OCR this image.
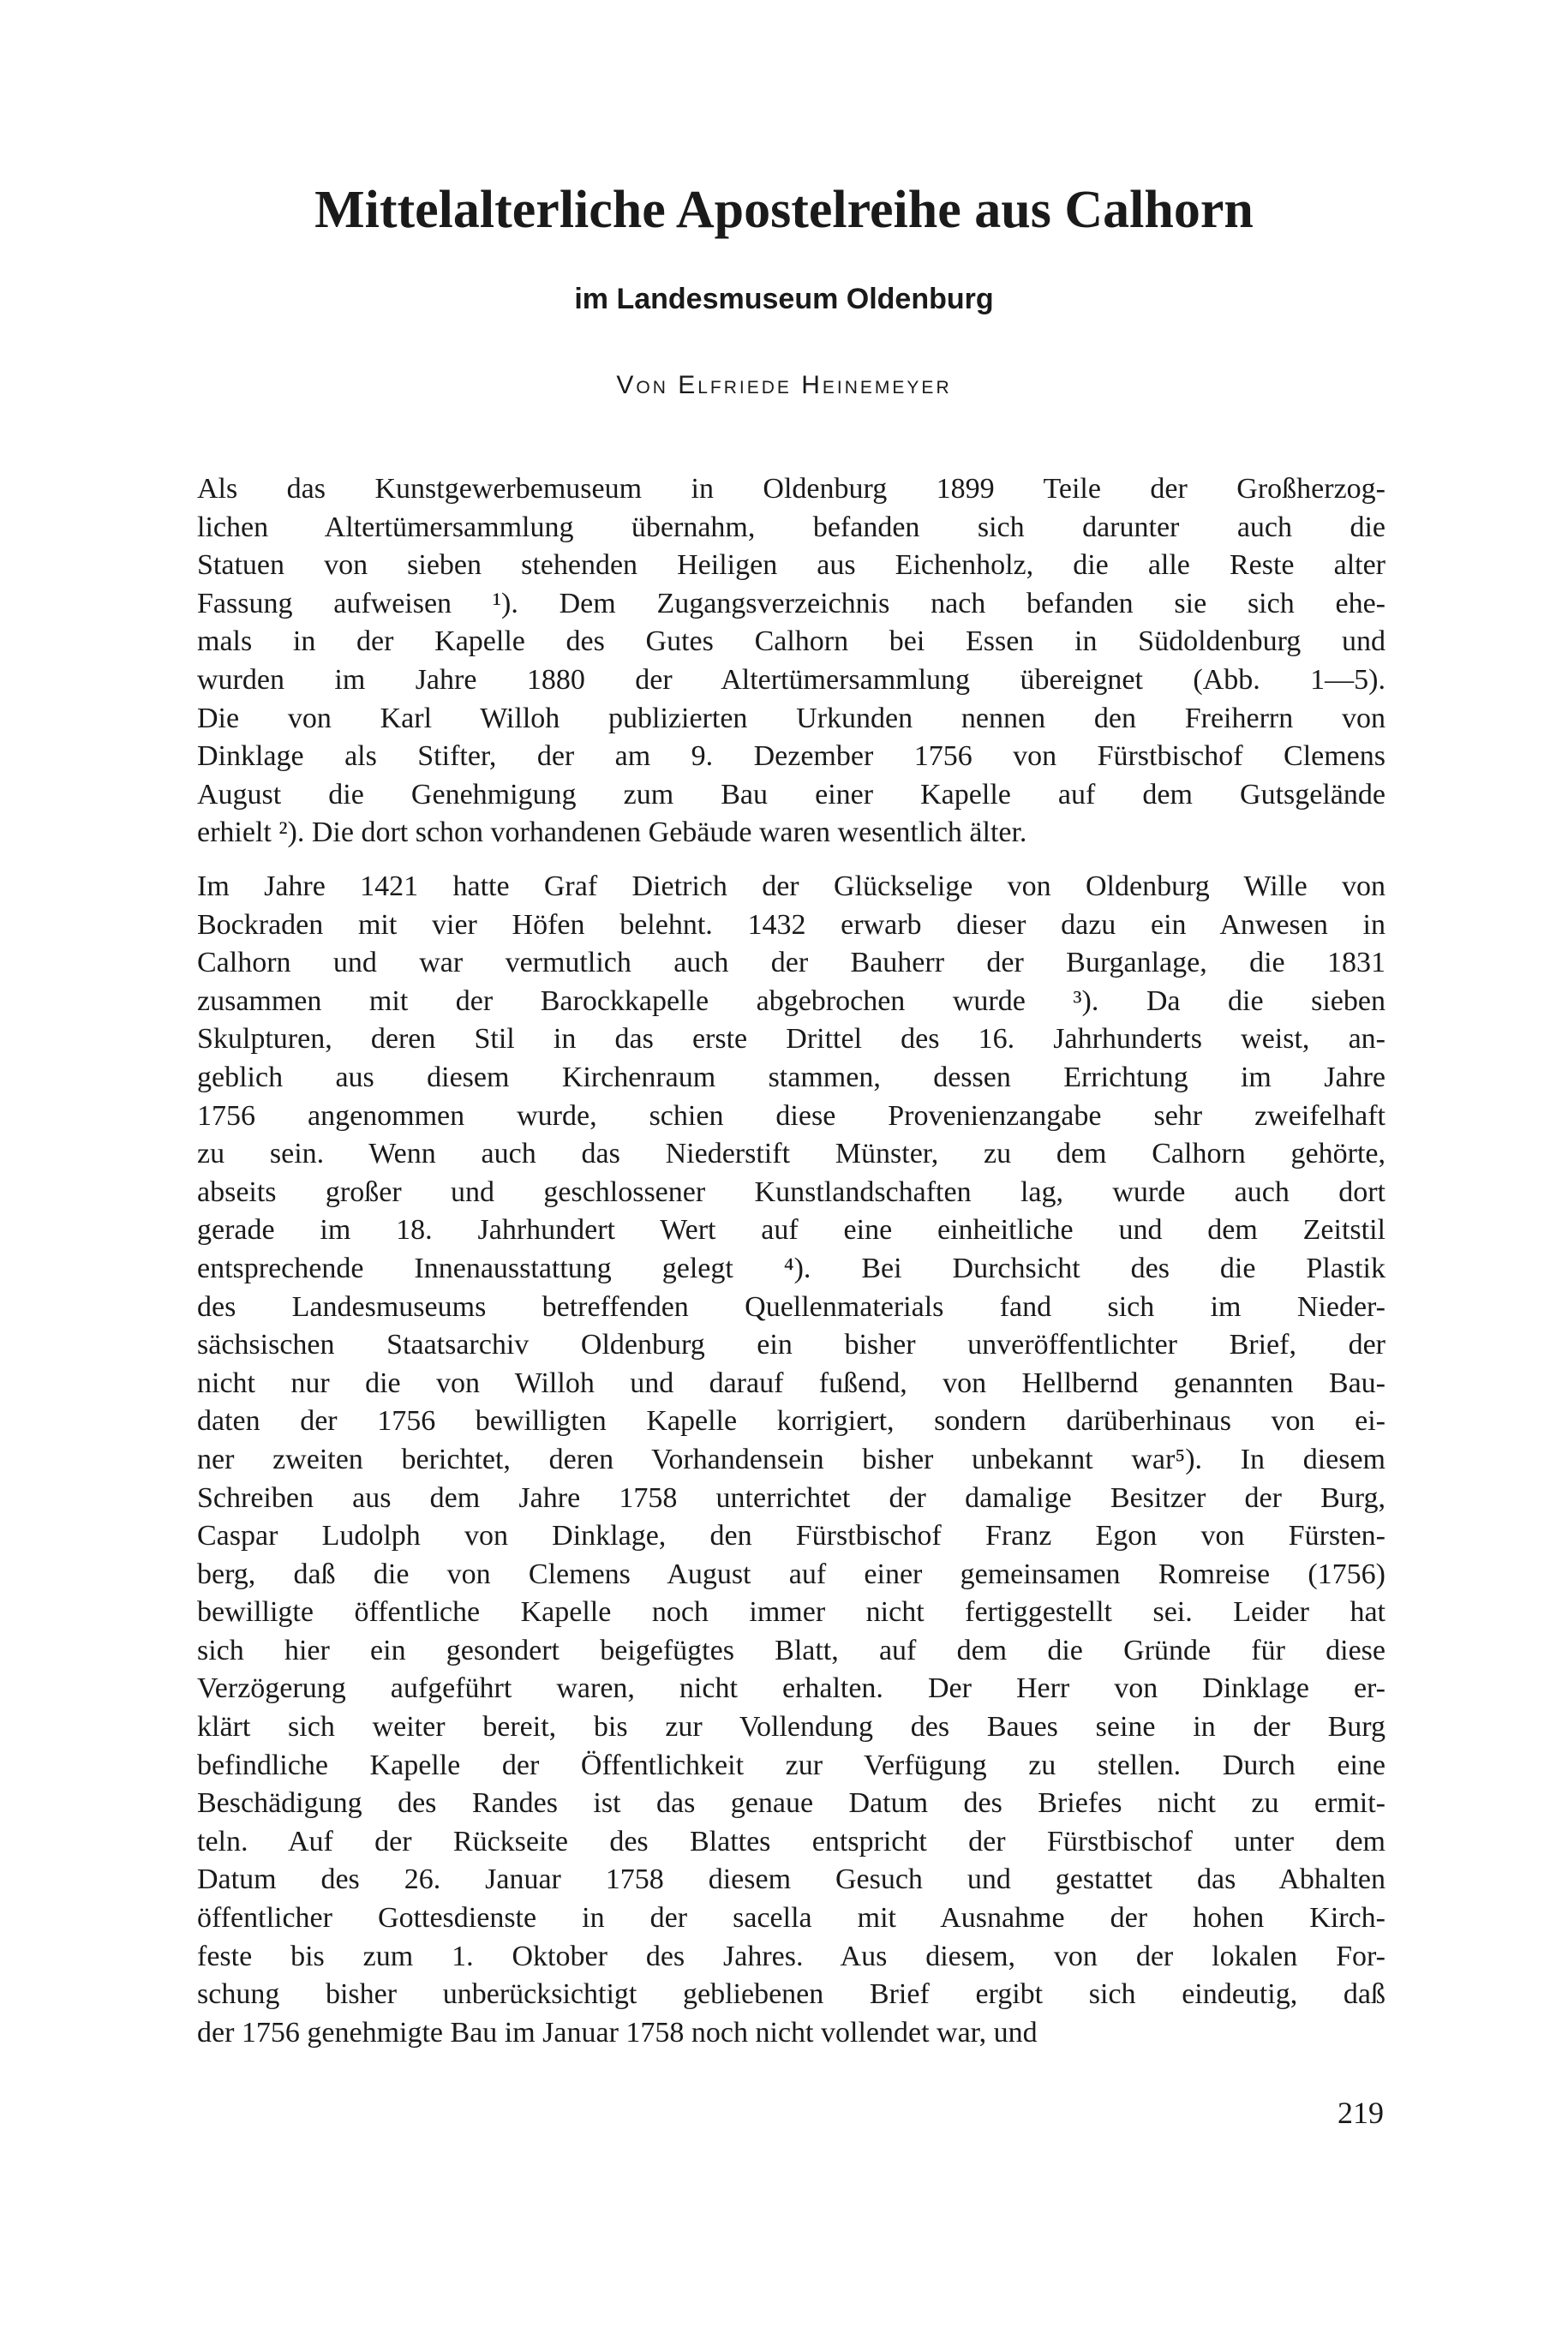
Mittelalterliche Apostelreihe aus Calhorn
im Landesmuseum Oldenburg
Von Elfriede Heinemeyer

Als das Kunstgewerbemuseum in Oldenburg 1899 Teile der Großherzog-
lichen Altertümersammlung übernahm, befanden sich darunter auch die
Statuen von sieben stehenden Heiligen aus Eichenholz, die alle Reste alter
Fassung aufweisen ¹). Dem Zugangsverzeichnis nach befanden sie sich ehe-
mals in der Kapelle des Gutes Calhorn bei Essen in Südoldenburg und
wurden im Jahre 1880 der Altertümersammlung übereignet (Abb. 1—5).
Die von Karl Willoh publizierten Urkunden nennen den Freiherrn von
Dinklage als Stifter, der am 9. Dezember 1756 von Fürstbischof Clemens
August die Genehmigung zum Bau einer Kapelle auf dem Gutsgelände
erhielt ²). Die dort schon vorhandenen Gebäude waren wesentlich älter.

Im Jahre 1421 hatte Graf Dietrich der Glückselige von Oldenburg Wille von
Bockraden mit vier Höfen belehnt. 1432 erwarb dieser dazu ein Anwesen in
Calhorn und war vermutlich auch der Bauherr der Burganlage, die 1831
zusammen mit der Barockkapelle abgebrochen wurde ³). Da die sieben
Skulpturen, deren Stil in das erste Drittel des 16. Jahrhunderts weist, an-
geblich aus diesem Kirchenraum stammen, dessen Errichtung im Jahre
1756 angenommen wurde, schien diese Provenienzangabe sehr zweifelhaft
zu sein. Wenn auch das Niederstift Münster, zu dem Calhorn gehörte,
abseits großer und geschlossener Kunstlandschaften lag, wurde auch dort
gerade im 18. Jahrhundert Wert auf eine einheitliche und dem Zeitstil
entsprechende Innenausstattung gelegt ⁴). Bei Durchsicht des die Plastik
des Landesmuseums betreffenden Quellenmaterials fand sich im Nieder-
sächsischen Staatsarchiv Oldenburg ein bisher unveröffentlichter Brief, der
nicht nur die von Willoh und darauf fußend, von Hellbernd genannten Bau-
daten der 1756 bewilligten Kapelle korrigiert, sondern darüberhinaus von ei-
ner zweiten berichtet, deren Vorhandensein bisher unbekannt war⁵). In diesem
Schreiben aus dem Jahre 1758 unterrichtet der damalige Besitzer der Burg,
Caspar Ludolph von Dinklage, den Fürstbischof Franz Egon von Fürsten-
berg, daß die von Clemens August auf einer gemeinsamen Romreise (1756)
bewilligte öffentliche Kapelle noch immer nicht fertiggestellt sei. Leider hat
sich hier ein gesondert beigefügtes Blatt, auf dem die Gründe für diese
Verzögerung aufgeführt waren, nicht erhalten. Der Herr von Dinklage er-
klärt sich weiter bereit, bis zur Vollendung des Baues seine in der Burg
befindliche Kapelle der Öffentlichkeit zur Verfügung zu stellen. Durch eine
Beschädigung des Randes ist das genaue Datum des Briefes nicht zu ermit-
teln. Auf der Rückseite des Blattes entspricht der Fürstbischof unter dem
Datum des 26. Januar 1758 diesem Gesuch und gestattet das Abhalten
öffentlicher Gottesdienste in der sacella mit Ausnahme der hohen Kirch-
feste bis zum 1. Oktober des Jahres. Aus diesem, von der lokalen For-
schung bisher unberücksichtigt gebliebenen Brief ergibt sich eindeutig, daß
der 1756 genehmigte Bau im Januar 1758 noch nicht vollendet war, und

219
